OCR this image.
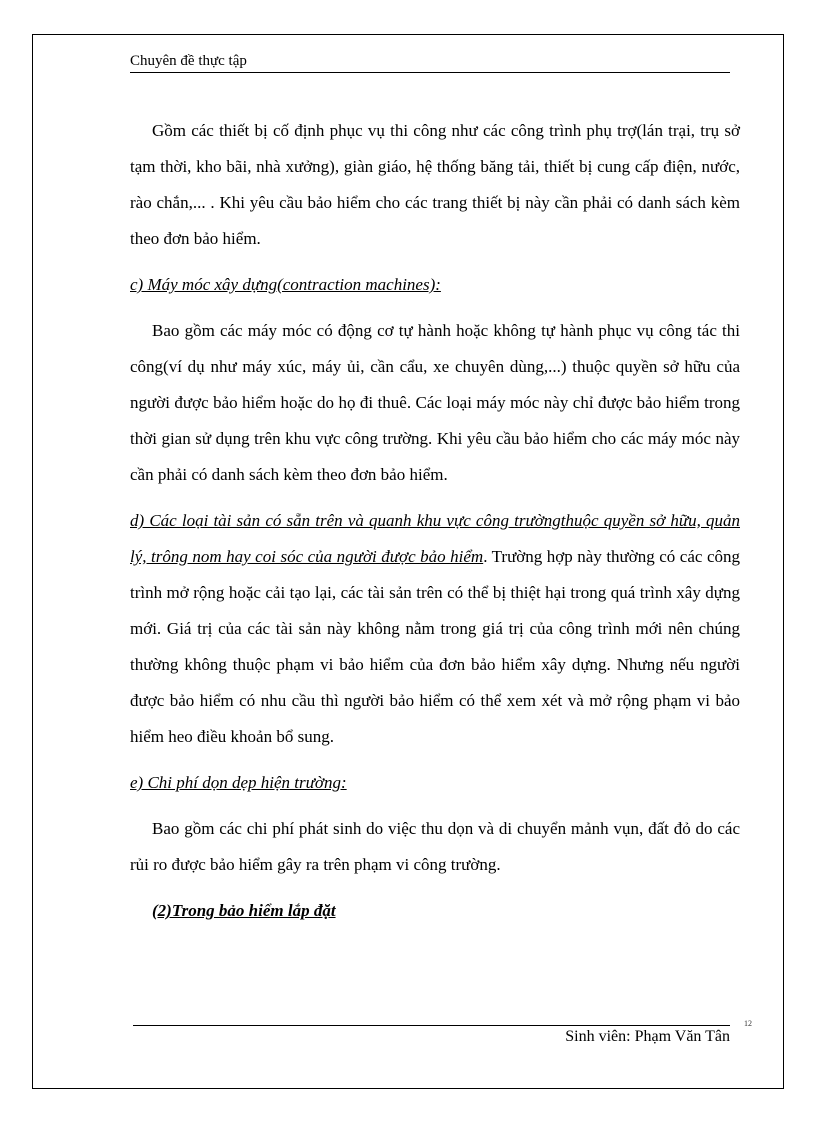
Chuyên đề thực tập

Gồm các thiết bị cố định phục vụ thi công như các công trình phụ trợ(lán trại, trụ sở tạm thời, kho bãi, nhà xưởng), giàn giáo, hệ thống băng tải, thiết bị cung cấp điện, nước, rào chắn,... . Khi yêu cầu bảo hiểm cho các trang thiết bị này cần phải có danh sách kèm theo đơn bảo hiểm.

c) Máy móc xây dựng(contraction machines):

Bao gồm các máy móc có động cơ tự hành hoặc không tự hành phục vụ công tác thi công(ví dụ như máy xúc, máy ủi, cần cẩu, xe chuyên dùng,...) thuộc quyền sở hữu của người được bảo hiểm hoặc do họ đi thuê. Các loại máy móc này chỉ được bảo hiểm trong thời gian sử dụng trên khu vực công trường. Khi yêu cầu bảo hiểm cho các máy móc này cần phải có danh sách kèm theo đơn bảo hiểm.

d) Các loại tài sản có sẵn trên và quanh khu vực công trườngthuộc quyền sở hữu, quản lý, trông nom hay coi sóc của người được bảo hiểm. Trường hợp này thường có các công trình mở rộng hoặc cải tạo lại, các tài sản trên có thể bị thiệt hại trong quá trình xây dựng mới. Giá trị của các tài sản này không nằm trong giá trị của công trình mới nên chúng thường không thuộc phạm vi bảo hiểm của đơn bảo hiểm xây dựng. Nhưng nếu người được bảo hiểm có nhu cầu thì người bảo hiểm có thể xem xét và mở rộng phạm vi bảo hiểm heo điều khoản bổ sung.

e) Chi phí dọn dẹp hiện trường:

Bao gồm các chi phí phát sinh do việc thu dọn và di chuyển mảnh vụn, đất đỏ do các rủi ro được bảo hiểm gây ra trên phạm vi công trường.

(2)Trong bảo hiểm lắp đặt

12
Sinh viên: Phạm Văn Tân
